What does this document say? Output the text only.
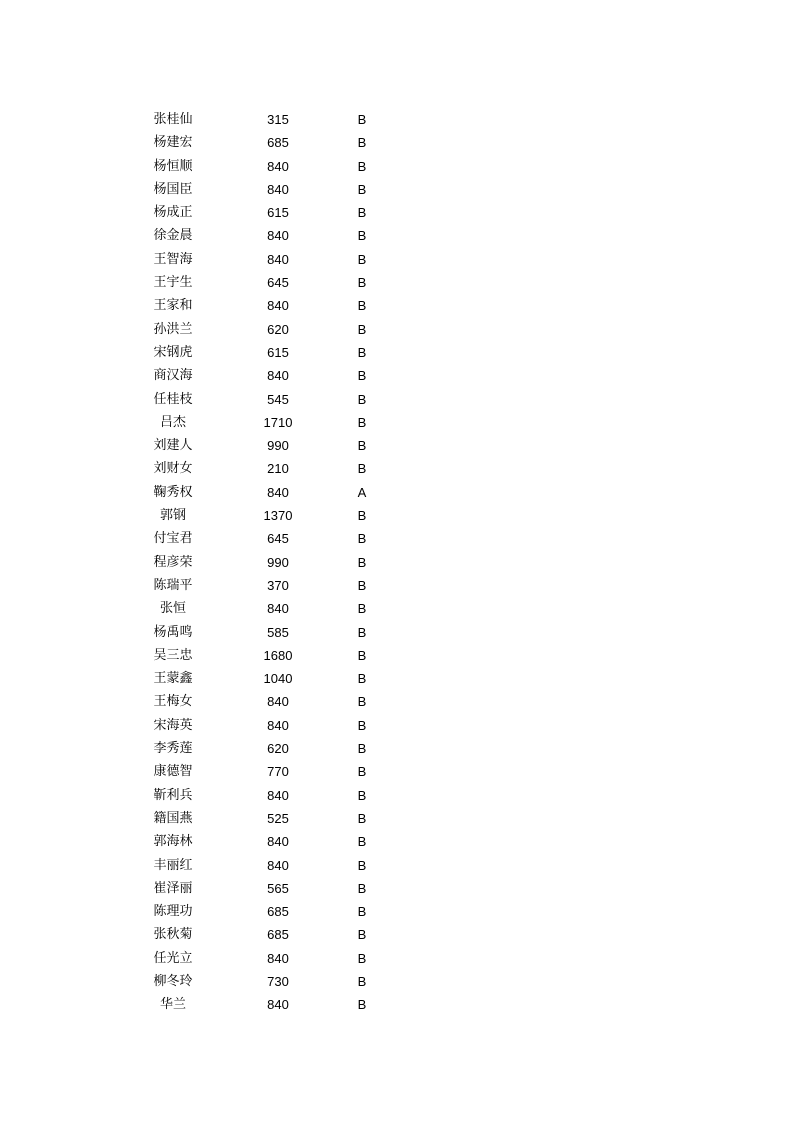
张桂仙	315	B
杨建宏	685	B
杨恒顺	840	B
杨国臣	840	B
杨成正	615	B
徐金晨	840	B
王智海	840	B
王宇生	645	B
王家和	840	B
孙洪兰	620	B
宋钢虎	615	B
商汉海	840	B
任桂枝	545	B
吕杰	1710	B
刘建人	990	B
刘财女	210	B
鞠秀权	840	A
郭钢	1370	B
付宝君	645	B
程彦荣	990	B
陈瑞平	370	B
张恒	840	B
杨禹鸣	585	B
吴三忠	1680	B
王蒙鑫	1040	B
王梅女	840	B
宋海英	840	B
李秀莲	620	B
康德智	770	B
靳利兵	840	B
籍国燕	525	B
郭海林	840	B
丰丽红	840	B
崔泽丽	565	B
陈理功	685	B
张秋菊	685	B
任光立	840	B
柳冬玲	730	B
华兰	840	B
